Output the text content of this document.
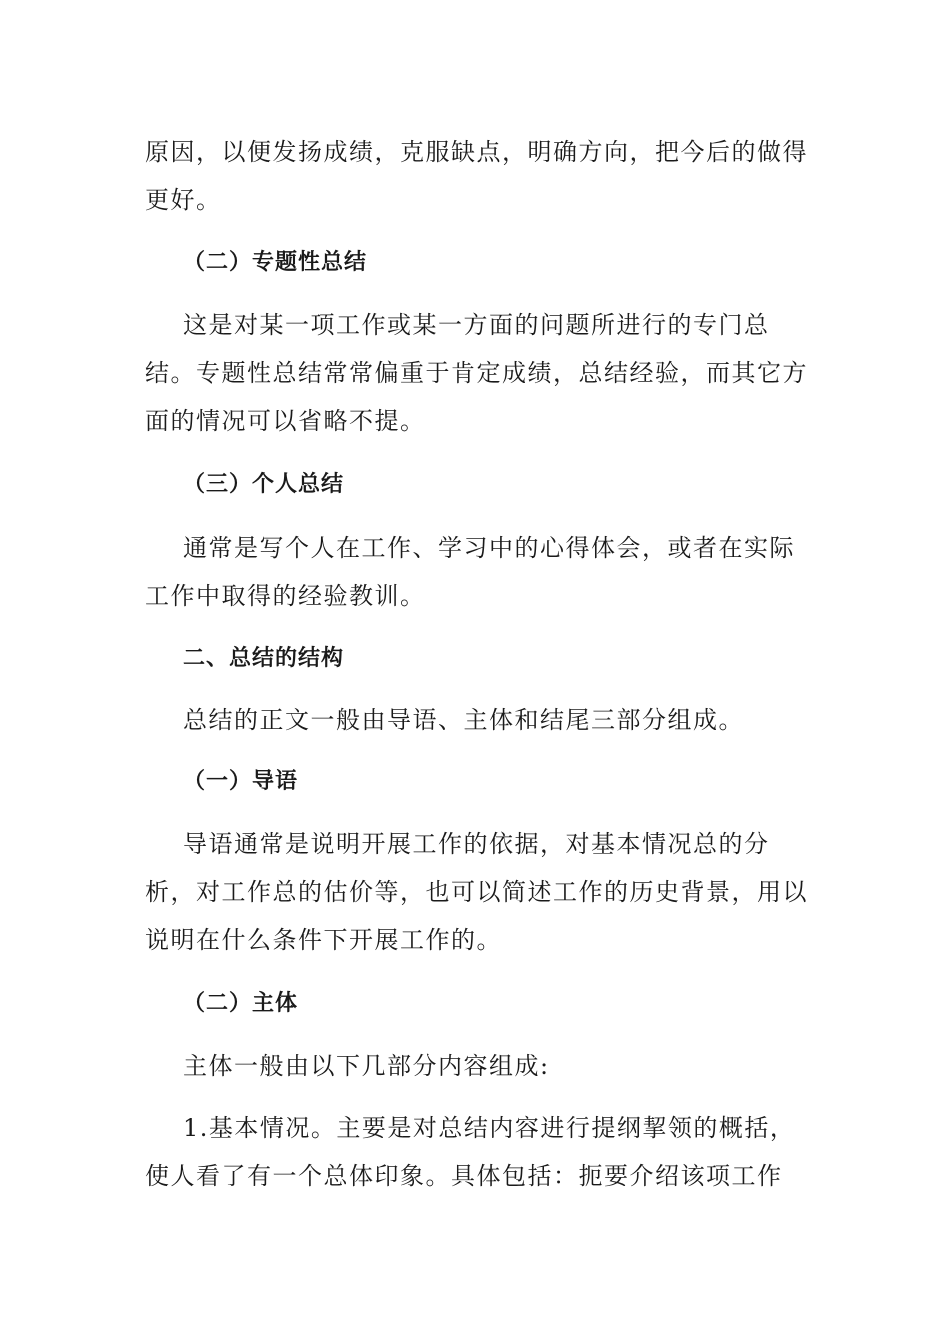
原因，以便发扬成绩，克服缺点，明确方向，把今后的做得更好。

（二）专题性总结

这是对某一项工作或某一方面的问题所进行的专门总结。专题性总结常常偏重于肯定成绩，总结经验，而其它方面的情况可以省略不提。

（三）个人总结

通常是写个人在工作、学习中的心得体会，或者在实际工作中取得的经验教训。

二、总结的结构

总结的正文一般由导语、主体和结尾三部分组成。

（一）导语

导语通常是说明开展工作的依据，对基本情况总的分析，对工作总的估价等，也可以简述工作的历史背景，用以说明在什么条件下开展工作的。

（二）主体

主体一般由以下几部分内容组成:

1.基本情况。主要是对总结内容进行提纲挈领的概括，使人看了有一个总体印象。具体包括：扼要介绍该项工作
